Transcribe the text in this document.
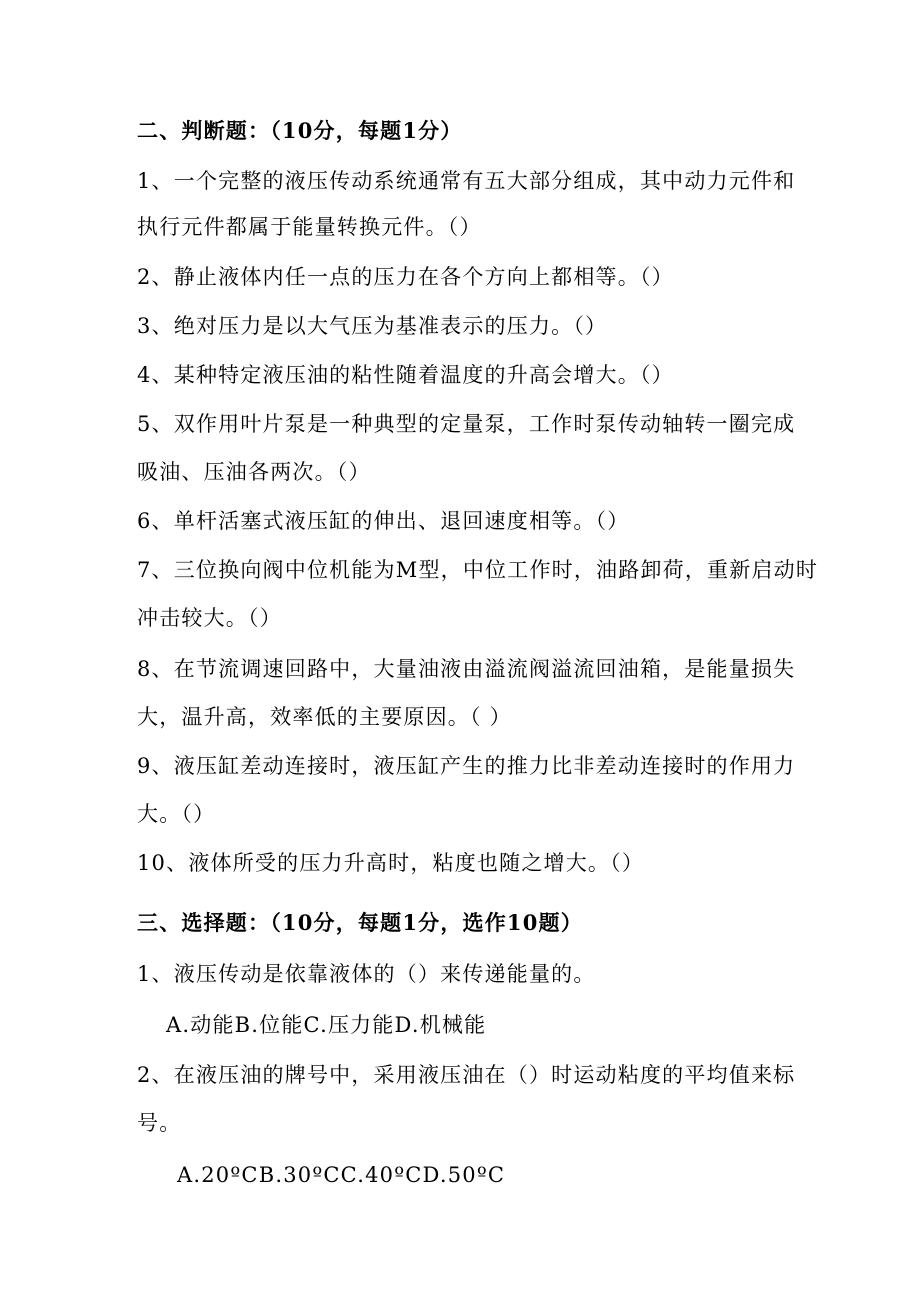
二、判断题：（10分，每题1分）
1、一个完整的液压传动系统通常有五大部分组成，其中动力元件和
执行元件都属于能量转换元件。（）
2、静止液体内任一点的压力在各个方向上都相等。（）
3、绝对压力是以大气压为基准表示的压力。（）
4、某种特定液压油的粘性随着温度的升高会增大。（）
5、双作用叶片泵是一种典型的定量泵，工作时泵传动轴转一圈完成
吸油、压油各两次。（）
6、单杆活塞式液压缸的伸出、退回速度相等。（）
7、三位换向阀中位机能为M型，中位工作时，油路卸荷，重新启动时
冲击较大。（）
8、在节流调速回路中，大量油液由溢流阀溢流回油箱，是能量损失
大，温升高，效率低的主要原因。（ ）
9、液压缸差动连接时，液压缸产生的推力比非差动连接时的作用力
大。（）
10、液体所受的压力升高时，粘度也随之增大。（）
三、选择题：（10分，每题1分，选作10题）
1、液压传动是依靠液体的（）来传递能量的。
A.动能B.位能C.压力能D.机械能
2、在液压油的牌号中，采用液压油在（）时运动粘度的平均值来标
号。
A.20ºCB.30ºCC.40ºCD.50ºC
